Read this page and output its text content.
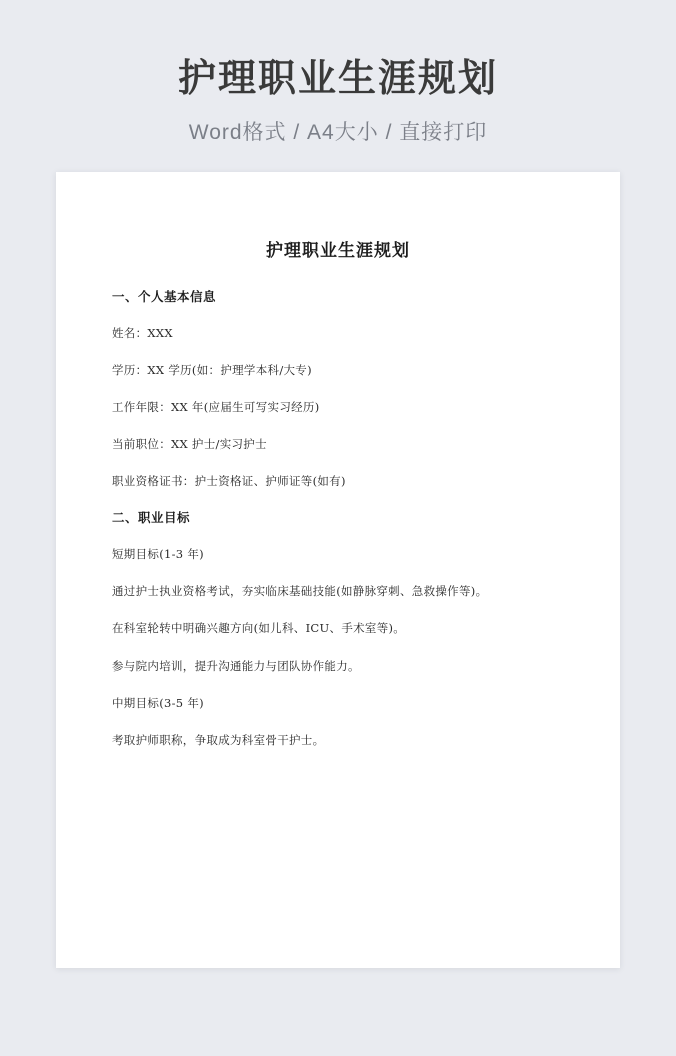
护理职业生涯规划
Word格式 / A4大小 / 直接打印
护理职业生涯规划
一、个人基本信息

姓名：XXX

学历：XX 学历(如：护理学本科/大专)

工作年限：XX 年(应届生可写实习经历)

当前职位：XX 护士/实习护士

职业资格证书：护士资格证、护师证等(如有)

二、职业目标

短期目标(1-3 年)

通过护士执业资格考试，夯实临床基础技能(如静脉穿刺、急救操作等)。

在科室轮转中明确兴趣方向(如儿科、ICU、手术室等)。

参与院内培训，提升沟通能力与团队协作能力。

中期目标(3-5 年)

考取护师职称，争取成为科室骨干护士。
